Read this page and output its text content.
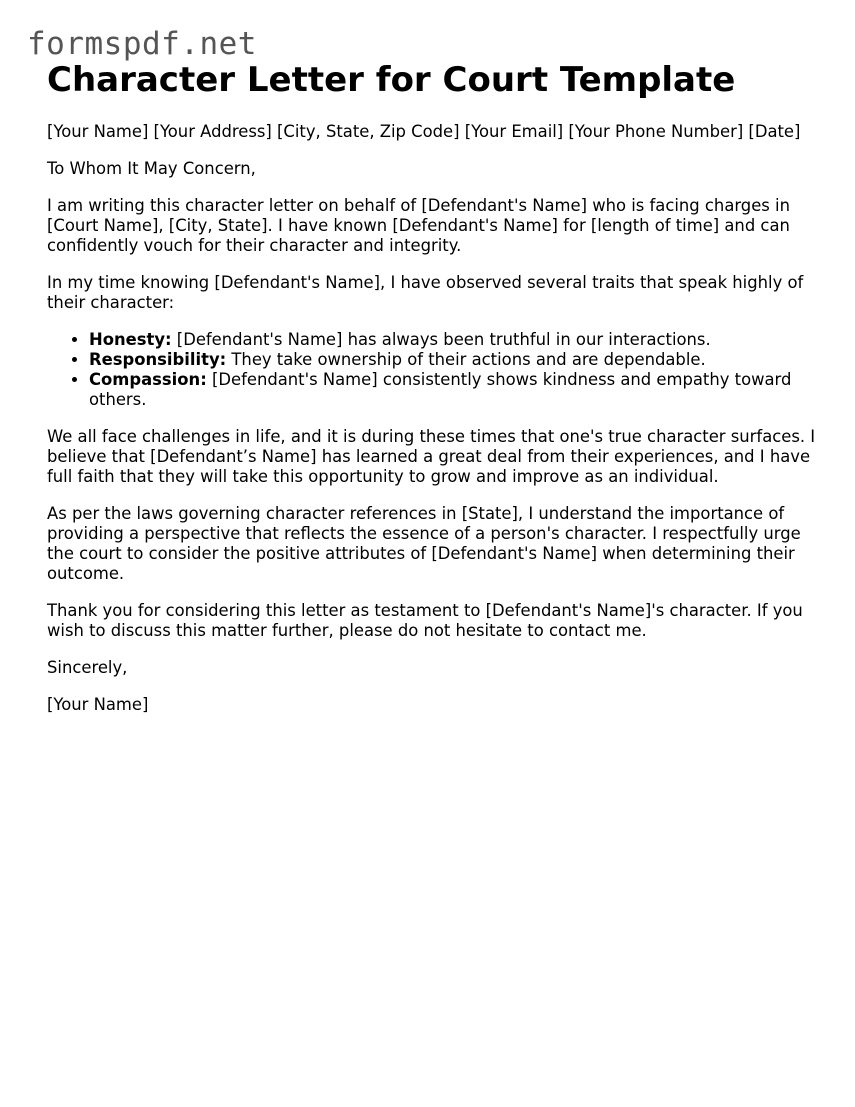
formspdf.net
Character Letter for Court Template

[Your Name] [Your Address] [City, State, Zip Code] [Your Email] [Your Phone Number] [Date]

To Whom It May Concern,

I am writing this character letter on behalf of [Defendant's Name] who is facing charges in [Court Name], [City, State]. I have known [Defendant's Name] for [length of time] and can confidently vouch for their character and integrity.

In my time knowing [Defendant's Name], I have observed several traits that speak highly of their character:

• Honesty: [Defendant's Name] has always been truthful in our interactions.
• Responsibility: They take ownership of their actions and are dependable.
• Compassion: [Defendant's Name] consistently shows kindness and empathy toward others.

We all face challenges in life, and it is during these times that one's true character surfaces. I believe that [Defendant’s Name] has learned a great deal from their experiences, and I have full faith that they will take this opportunity to grow and improve as an individual.

As per the laws governing character references in [State], I understand the importance of providing a perspective that reflects the essence of a person's character. I respectfully urge the court to consider the positive attributes of [Defendant's Name] when determining their outcome.

Thank you for considering this letter as testament to [Defendant's Name]'s character. If you wish to discuss this matter further, please do not hesitate to contact me.

Sincerely,

[Your Name]
